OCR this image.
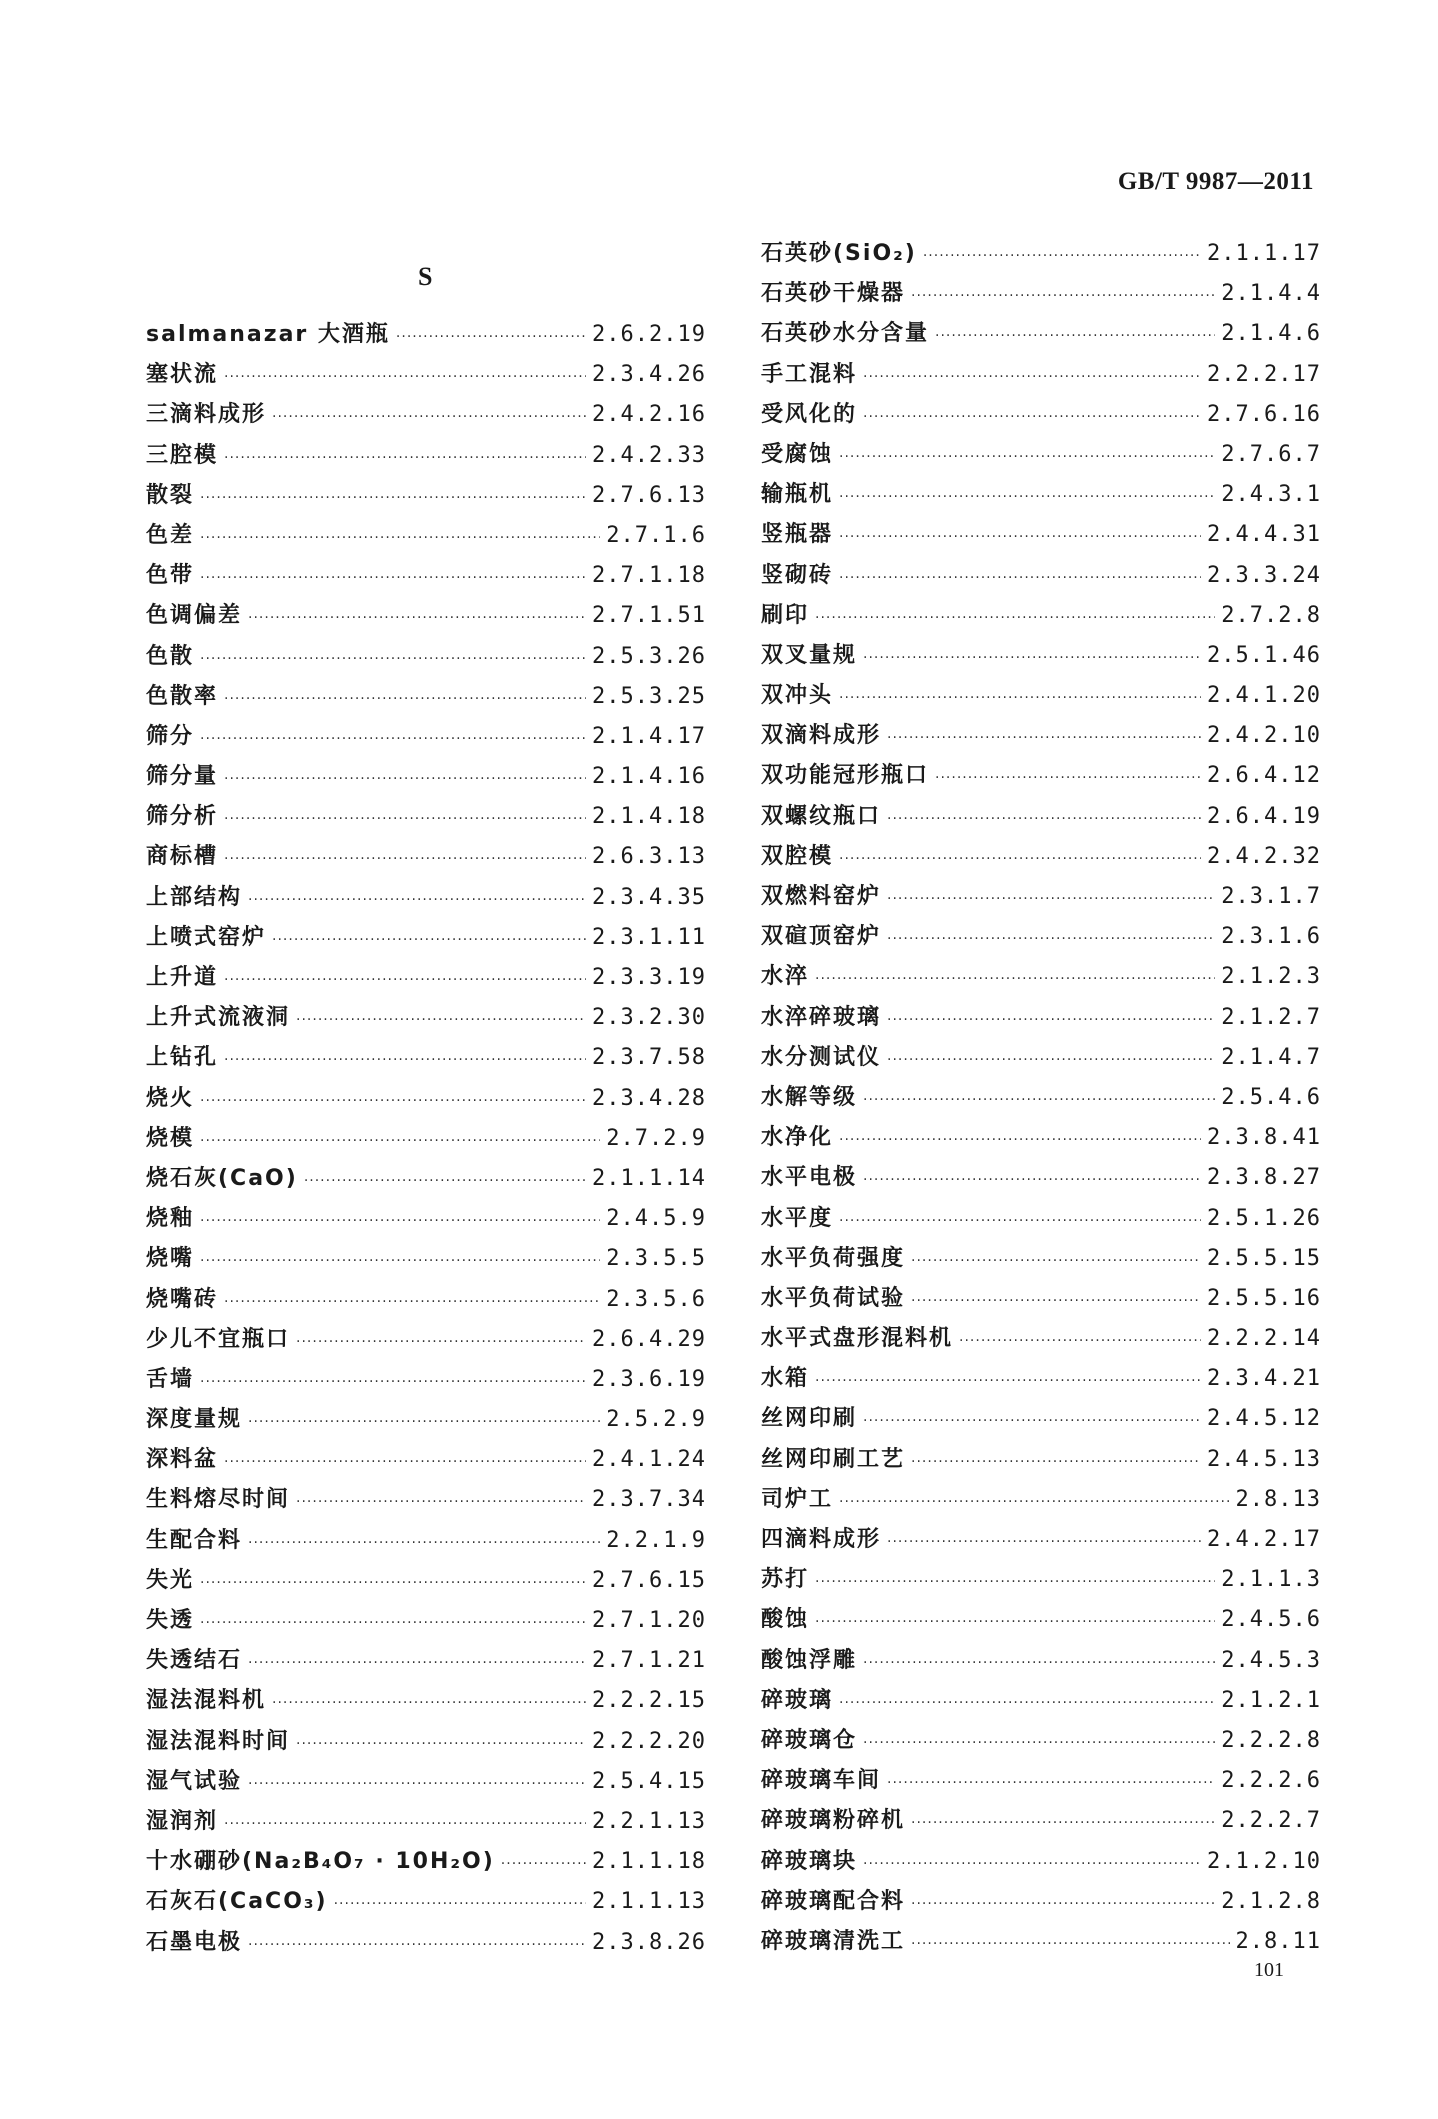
GB/T 9987—2011
S
salmanazar 大酒瓶 ·····	2.6.2.19
塞状流 ·····	2.3.4.26
三滴料成形 ·····	2.4.2.16
三腔模 ·····	2.4.2.33
散裂 ·····	2.7.6.13
色差 ·····	2.7.1.6
色带 ·····	2.7.1.18
色调偏差 ·····	2.7.1.51
色散 ·····	2.5.3.26
色散率 ·····	2.5.3.25
筛分 ·····	2.1.4.17
筛分量 ·····	2.1.4.16
筛分析 ·····	2.1.4.18
商标槽 ·····	2.6.3.13
上部结构 ·····	2.3.4.35
上喷式窑炉 ·····	2.3.1.11
上升道 ·····	2.3.3.19
上升式流液洞 ·····	2.3.2.30
上钻孔 ·····	2.3.7.58
烧火 ·····	2.3.4.28
烧模 ·····	2.7.2.9
烧石灰(CaO) ·····	2.1.1.14
烧釉 ·····	2.4.5.9
烧嘴 ·····	2.3.5.5
烧嘴砖 ·····	2.3.5.6
少儿不宜瓶口 ·····	2.6.4.29
舌墙 ·····	2.3.6.19
深度量规 ·····	2.5.2.9
深料盆 ·····	2.4.1.24
生料熔尽时间 ·····	2.3.7.34
生配合料 ·····	2.2.1.9
失光 ·····	2.7.6.15
失透 ·····	2.7.1.20
失透结石 ·····	2.7.1.21
湿法混料机 ·····	2.2.2.15
湿法混料时间 ·····	2.2.2.20
湿气试验 ·····	2.5.4.15
湿润剂 ·····	2.2.1.13
十水硼砂(Na₂B₄O₇ · 10H₂O) ·····	2.1.1.18
石灰石(CaCO₃) ·····	2.1.1.13
石墨电极 ·····	2.3.8.26
石英砂(SiO₂) ·····	2.1.1.17
石英砂干燥器 ·····	2.1.4.4
石英砂水分含量 ·····	2.1.4.6
手工混料 ·····	2.2.2.17
受风化的 ·····	2.7.6.16
受腐蚀 ·····	2.7.6.7
输瓶机 ·····	2.4.3.1
竖瓶器 ·····	2.4.4.31
竖砌砖 ·····	2.3.3.24
刷印 ·····	2.7.2.8
双叉量规 ·····	2.5.1.46
双冲头 ·····	2.4.1.20
双滴料成形 ·····	2.4.2.10
双功能冠形瓶口 ·····	2.6.4.12
双螺纹瓶口 ·····	2.6.4.19
双腔模 ·····	2.4.2.32
双燃料窑炉 ·····	2.3.1.7
双碹顶窑炉 ·····	2.3.1.6
水淬 ·····	2.1.2.3
水淬碎玻璃 ·····	2.1.2.7
水分测试仪 ·····	2.1.4.7
水解等级 ·····	2.5.4.6
水净化 ·····	2.3.8.41
水平电极 ·····	2.3.8.27
水平度 ·····	2.5.1.26
水平负荷强度 ·····	2.5.5.15
水平负荷试验 ·····	2.5.5.16
水平式盘形混料机 ·····	2.2.2.14
水箱 ·····	2.3.4.21
丝网印刷 ·····	2.4.5.12
丝网印刷工艺 ·····	2.4.5.13
司炉工 ·····	2.8.13
四滴料成形 ·····	2.4.2.17
苏打 ·····	2.1.1.3
酸蚀 ·····	2.4.5.6
酸蚀浮雕 ·····	2.4.5.3
碎玻璃 ·····	2.1.2.1
碎玻璃仓 ·····	2.2.2.8
碎玻璃车间 ·····	2.2.2.6
碎玻璃粉碎机 ·····	2.2.2.7
碎玻璃块 ·····	2.1.2.10
碎玻璃配合料 ·····	2.1.2.8
碎玻璃清洗工 ·····	2.8.11
101
